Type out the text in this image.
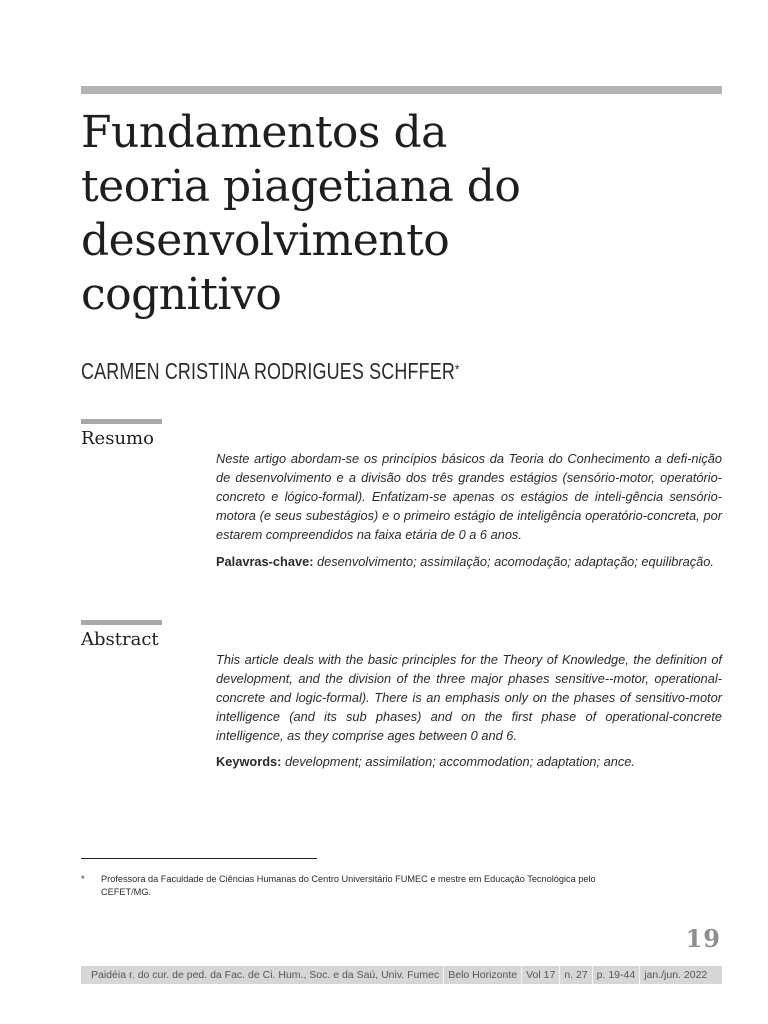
Fundamentos da
teoria piagetiana do
desenvolvimento
cognitivo

CARMEN CRISTINA RODRIGUES SCHFFER*

Resumo

Neste artigo abordam-se os princípios básicos da Teoria do Conhecimento a defi-nição de desenvolvimento e a divisão dos três grandes estágios (sensório-motor, operatório-concreto e lógico-formal). Enfatizam-se apenas os estágios de inteli-gência sensório-motora (e seus subestágios) e o primeiro estágio de inteligência operatório-concreta, por estarem compreendidos na faixa etária de 0 a 6 anos.

Palavras-chave: desenvolvimento; assimilação; acomodação; adaptação; equilibração.

Abstract

This article deals with the basic principles for the Theory of Knowledge, the definition of development, and the division of the three major phases sensitive--motor, operational-concrete and logic-formal). There is an emphasis only on the phases of sensitivo-motor intelligence (and its sub phases) and on the first phase of operational-concrete intelligence, as they comprise ages between 0 and 6.

Keywords: development; assimilation; accommodation; adaptation; ance.

* Professora da Faculdade de Ciências Humanas do Centro Universitário FUMEC e mestre em Educação Tecnológica pelo CEFET/MG.
19
Paidéia r. do cur. de ped. da Fac. de Ci. Hum., Soc. e da Saú, Univ. Fumec Belo Horizonte Vol 17 n. 27 p. 19-44 jan./jun. 2022
